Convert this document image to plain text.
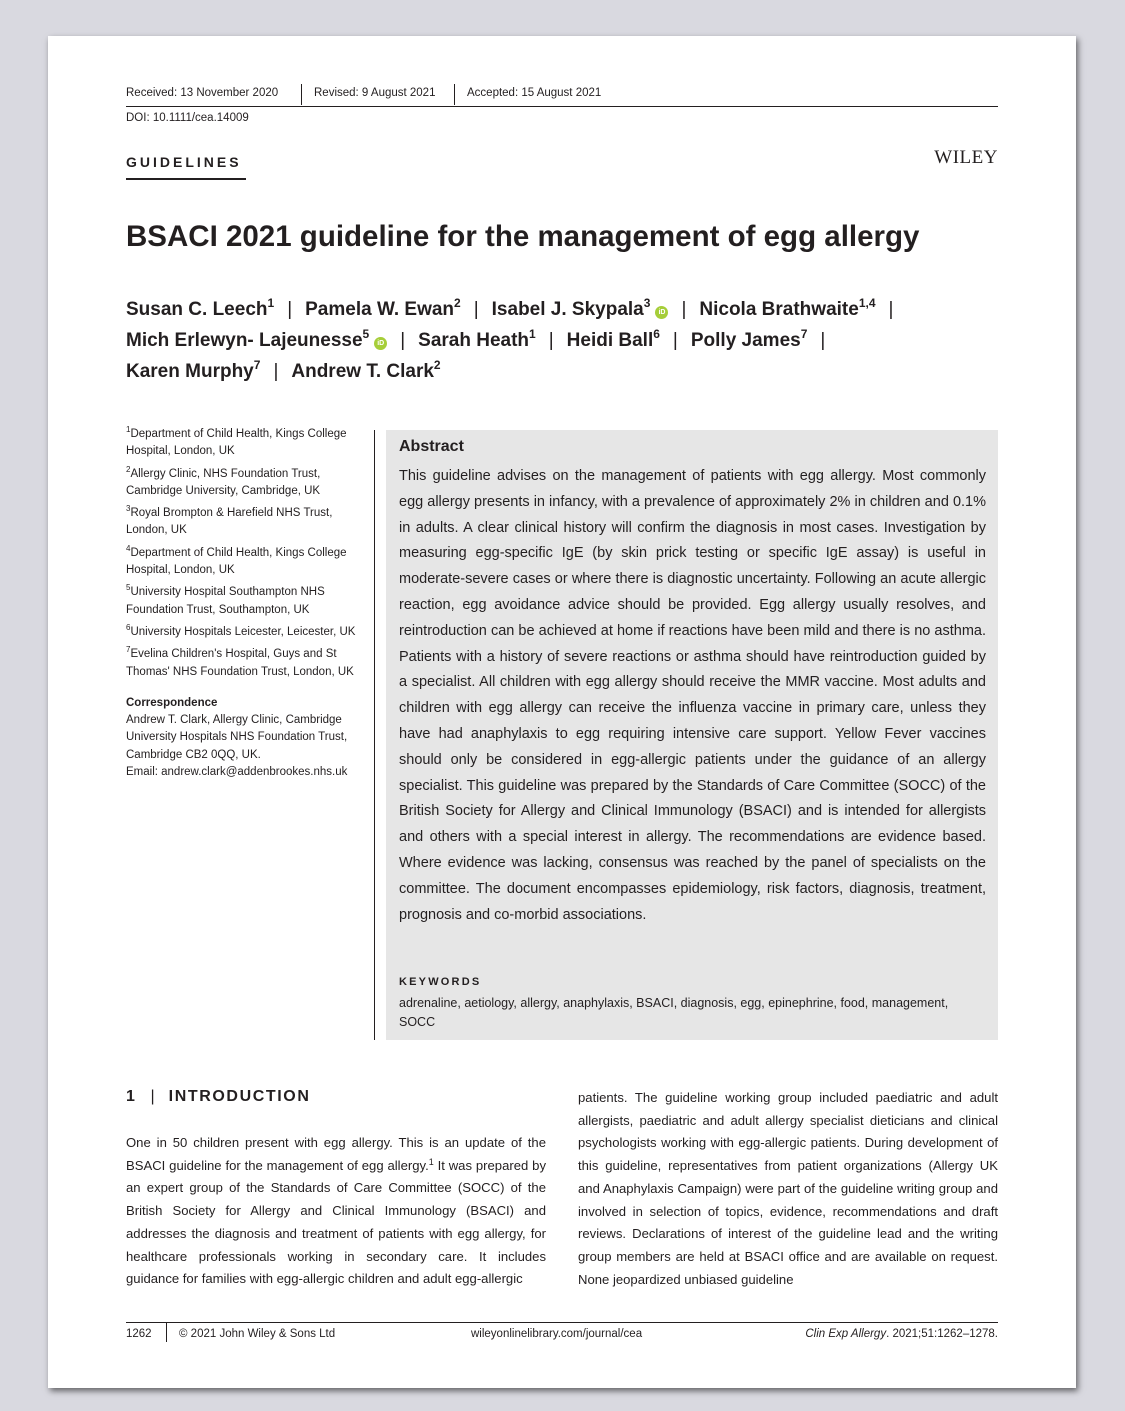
Received: 13 November 2020	Revised: 9 August 2021	Accepted: 15 August 2021
DOI: 10.1111/cea.14009
GUIDELINES	WILEY
BSACI 2021 guideline for the management of egg allergy
Susan C. Leech$^1$ | Pamela W. Ewan$^2$ | Isabel J. Skypala$^3$iD | Nicola Brathwaite$^{1,4}$ |
Mich Erlewyn- Lajeunesse$^5$iD | Sarah Heath$^1$ | Heidi Ball$^6$ | Polly James$^7$ |
Karen Murphy$^7$ | Andrew T. Clark$^2$
$^1$Department of Child Health, Kings College Hospital, London, UK
$^2$Allergy Clinic, NHS Foundation Trust, Cambridge University, Cambridge, UK
$^3$Royal Brompton & Harefield NHS Trust, London, UK
$^4$Department of Child Health, Kings College Hospital, London, UK
$^5$University Hospital Southampton NHS Foundation Trust, Southampton, UK
$^6$University Hospitals Leicester, Leicester, UK
$^7$Evelina Children's Hospital, Guys and St Thomas' NHS Foundation Trust, London, UK
Correspondence
Andrew T. Clark, Allergy Clinic, Cambridge University Hospitals NHS Foundation Trust, Cambridge CB2 0QQ, UK.
Email: andrew.clark@addenbrookes.nhs.uk
Abstract
This guideline advises on the management of patients with egg allergy. Most commonly egg allergy presents in infancy, with a prevalence of approximately 2% in children and 0.1% in adults. A clear clinical history will confirm the diagnosis in most cases. Investigation by measuring egg-specific IgE (by skin prick testing or specific IgE assay) is useful in moderate-severe cases or where there is diagnostic uncertainty. Following an acute allergic reaction, egg avoidance advice should be provided. Egg allergy usually resolves, and reintroduction can be achieved at home if reactions have been mild and there is no asthma. Patients with a history of severe reactions or asthma should have reintroduction guided by a specialist. All children with egg allergy should receive the MMR vaccine. Most adults and children with egg allergy can receive the influenza vaccine in primary care, unless they have had anaphylaxis to egg requiring intensive care support. Yellow Fever vaccines should only be considered in egg-allergic patients under the guidance of an allergy specialist. This guideline was prepared by the Standards of Care Committee (SOCC) of the British Society for Allergy and Clinical Immunology (BSACI) and is intended for allergists and others with a special interest in allergy. The recommendations are evidence based. Where evidence was lacking, consensus was reached by the panel of specialists on the committee. The document encompasses epidemiology, risk factors, diagnosis, treatment, prognosis and co-morbid associations.
KEYWORDS
adrenaline, aetiology, allergy, anaphylaxis, BSACI, diagnosis, egg, epinephrine, food, management, SOCC
1 | INTRODUCTION
One in 50 children present with egg allergy. This is an update of the BSACI guideline for the management of egg allergy.$^1$ It was prepared by an expert group of the Standards of Care Committee (SOCC) of the British Society for Allergy and Clinical Immunology (BSACI) and addresses the diagnosis and treatment of patients with egg allergy, for healthcare professionals working in secondary care. It includes guidance for families with egg-allergic children and adult egg-allergic
patients. The guideline working group included paediatric and adult allergists, paediatric and adult allergy specialist dieticians and clinical psychologists working with egg-allergic patients. During development of this guideline, representatives from patient organizations (Allergy UK and Anaphylaxis Campaign) were part of the guideline writing group and involved in selection of topics, evidence, recommendations and draft reviews. Declarations of interest of the guideline lead and the writing group members are held at BSACI office and are available on request. None jeopardized unbiased guideline
1262 © 2021 John Wiley & Sons Ltd	wileyonlinelibrary.com/journal/cea	Clin Exp Allergy. 2021;51:1262–1278.
